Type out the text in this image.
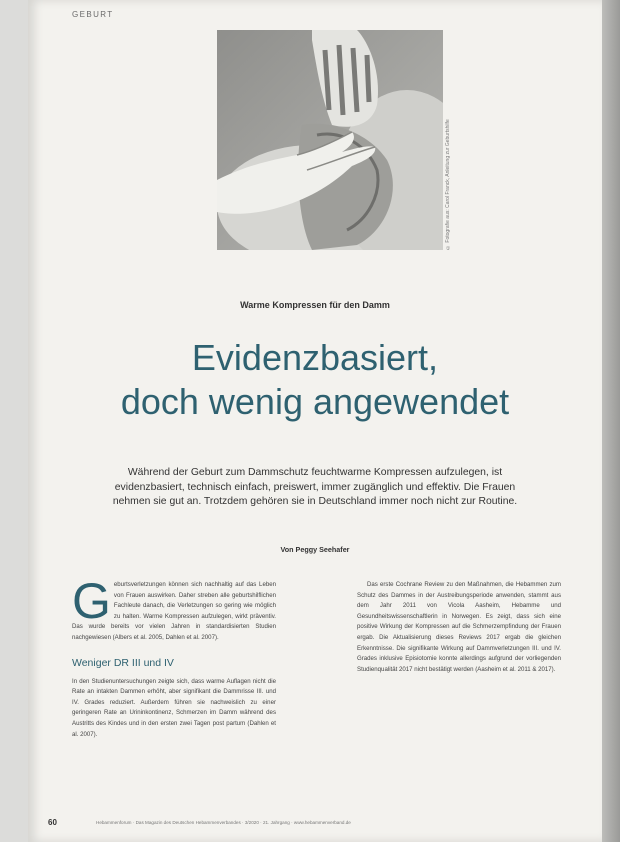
GEBURT
© Fotografie aus: Carol Franck, Anleitung zur Geburtshilfe
Warme Kompressen für den Damm
Evidenzbasiert,
doch wenig angewendet
Während der Geburt zum Dammschutz feuchtwarme Kompressen aufzulegen, ist evidenzbasiert, technisch einfach, preiswert, immer zugänglich und effektiv. Die Frauen nehmen sie gut an. Trotzdem gehören sie in Deutschland immer noch nicht zur Routine.
Von Peggy Seehafer

Geburtsverletzungen können sich nachhaltig auf das Leben von Frauen auswirken. Daher streben alle geburtshilflichen Fachleute danach, die Verletzungen so gering wie möglich zu halten. Warme Kompressen aufzulegen, wirkt präventiv. Das wurde bereits vor vielen Jahren in standardisierten Studien nachgewiesen (Albers et al. 2005, Dahlen et al. 2007).

Weniger DR III und IV

In den Studienuntersuchungen zeigte sich, dass warme Auflagen nicht die Rate an intakten Dammen erhöht, aber signifikant die Dammrisse III. und IV. Grades reduziert. Außerdem führen sie nachweislich zu einer geringeren Rate an Urininkontinenz, Schmerzen im Damm während des Austritts des Kindes und in den ersten zwei Tagen post partum (Dahlen et al. 2007).

Das erste Cochrane Review zu den Maßnahmen, die Hebammen zum Schutz des Dammes in der Austreibungsperiode anwenden, stammt aus dem Jahr 2011 von Vicola Aasheim, Hebamme und Gesundheitswissenschaftlerin in Norwegen. Es zeigt, dass sich eine positive Wirkung der Kompressen auf die Schmerzempfindung der Frauen ergab. Die Aktualisierung dieses Reviews 2017 ergab die gleichen Erkenntnisse. Die signifikante Wirkung auf Dammverletzungen III. und IV. Grades inklusive Episiotomie konnte allerdings aufgrund der vorliegenden Studienqualität 2017 nicht bestätigt werden (Aasheim et al. 2011 & 2017).

60	Hebammenforum · Das Magazin des Deutschen Hebammenverbandes · 3/2020 · 21. Jahrgang · www.hebammenverband.de
